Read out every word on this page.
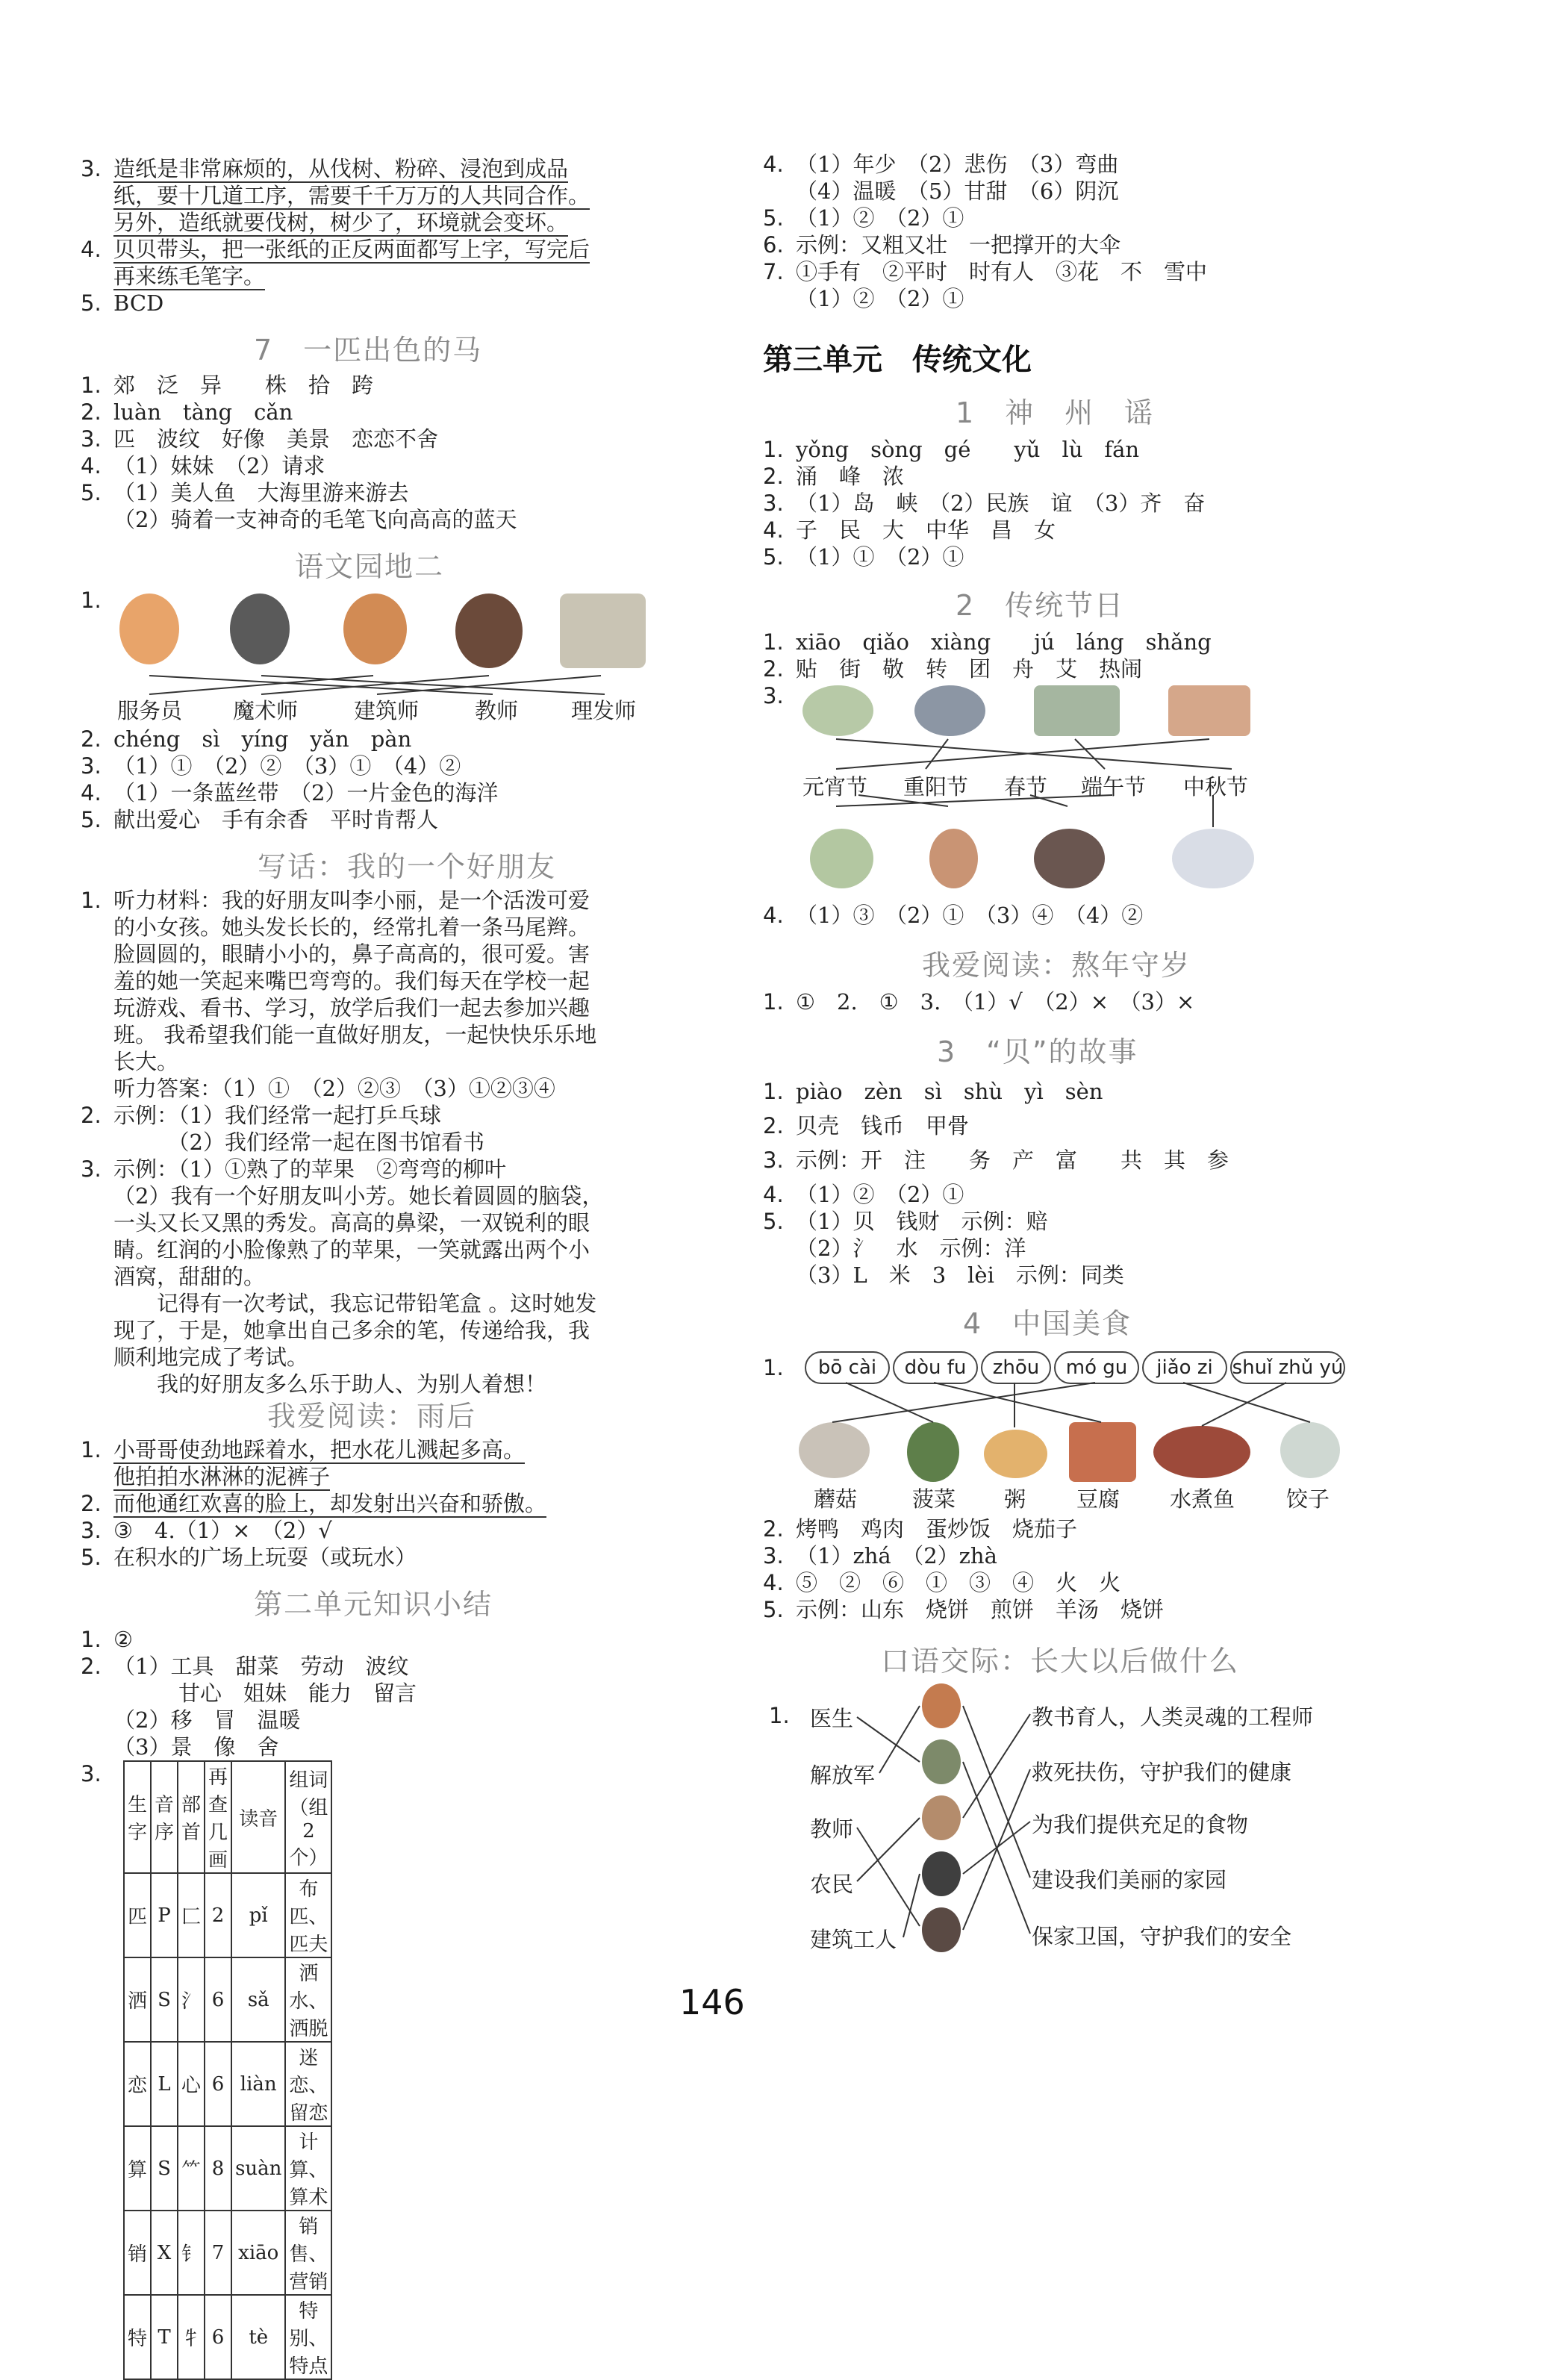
3. 造纸是非常麻烦的，从伐树、粉碎、浸泡到成品
纸，要十几道工序，需要千千万万的人共同合作。
另外，造纸就要伐树，树少了，环境就会变坏。
4. 贝贝带头，把一张纸的正反两面都写上字，写完后
再来练毛笔字。
5. BCD
7　一匹出色的马
1. 郊　泛　异　　株　拾　跨
2. luàn　tàng　cǎn
3. 匹　波纹　好像　美景　恋恋不舍
4. （1）妹妹　（2）请求
5. （1）美人鱼　大海里游来游去
（2）骑着一支神奇的毛笔飞向高高的蓝天
语文园地二
1.
服务员 魔术师	建筑师	教师 理发师
2. chéng　sì　yíng　yǎn　pàn
3. （1）①　（2）②　（3）①　（4）②
4. （1）一条蓝丝带　（2）一片金色的海洋
5. 献出爱心　手有余香　平时肯帮人
写话：我的一个好朋友
1. 听力材料：我的好朋友叫李小丽，是一个活泼可爱
的小女孩。她头发长长的，经常扎着一条马尾辫。
脸圆圆的，眼睛小小的，鼻子高高的，很可爱。害
羞的她一笑起来嘴巴弯弯的。我们每天在学校一起
玩游戏、看书、学习，放学后我们一起去参加兴趣
班。 我希望我们能一直做好朋友，一起快快乐乐地
长大。
听力答案：（1）①　（2）②③　（3）①②③④
2. 示例：（1）我们经常一起打乒乓球
　　　（2）我们经常一起在图书馆看书
3. 示例：（1）①熟了的苹果　②弯弯的柳叶
（2）我有一个好朋友叫小芳。她长着圆圆的脑袋，
一头又长又黑的秀发。高高的鼻梁，一双锐利的眼
睛。红润的小脸像熟了的苹果，一笑就露出两个小
酒窝，甜甜的。
　　记得有一次考试，我忘记带铅笔盒 。这时她发
现了，于是，她拿出自己多余的笔，传递给我，我
顺利地完成了考试。
　　我的好朋友多么乐于助人、为别人着想！
我爱阅读：雨后
1. 小哥哥使劲地踩着水，把水花儿溅起多高。
他拍拍水淋淋的泥裤子
2. 而他通红欢喜的脸上，却发射出兴奋和骄傲。
3. ③　4.（1）×　（2）√
5. 在积水的广场上玩耍（或玩水）
第二单元知识小结
1. ②
2. （1）工具　甜菜　劳动　波纹
　　　甘心　姐妹　能力　留言
（2）移　冒　温暖
（3）景　像　舍
3.
生字	音序	部首	再查几画	读音	组词（组2个）
匹	P	匚	2	pǐ	布匹、匹夫
洒	S	氵	6	sǎ	洒水、洒脱
恋	L	心	6	liàn	迷恋、留恋
算	S	⺮	8	suàn	计算、算术
销	X	钅	7	xiāo	销售、营销
特	T	牜	6	tè	特别、特点
4. （1）年少　（2）悲伤　（3）弯曲
（4）温暖　（5）甘甜　（6）阴沉
5. （1）②　（2）①
6. 示例：又粗又壮　一把撑开的大伞
7. ①手有　②平时　时有人　③花　不　雪中
（1）②　（2）①
第三单元　传统文化
1　神　州　谣
1. yǒng　sòng　gé　　yǔ　lù　fán
2. 涌　峰　浓
3. （1）岛　峡　（2）民族　谊　（3）齐　奋
4. 子　民　大　中华　昌　女
5. （1）①　（2）①
2　传统节日
1. xiāo　qiǎo　xiàng　　jú　láng　shǎng
2. 贴　街　敬　转　团　舟　艾　热闹
3.
元宵节 重阳节 春节 端午节 中秋节
4. （1）③　（2）①　（3）④　（4）②
我爱阅读：熬年守岁
1. ①　2.　①　3.　（1）√　（2）×　（3）×
3　“贝”的故事
1. piào　zèn　sì　shù　yì　sèn
2. 贝壳　钱币　甲骨
3. 示例：开　注　　务　产　富　　共　其　参
4. （1）②　（2）①
5. （1）贝　钱财　示例：赔
（2）氵　水　示例：洋
（3）L　米　3　lèi　示例：同类
4　中国美食
1.	bō cài	dòu fu	zhōu	mó gu	jiǎo zi shuǐ zhǔ yú
蘑菇	菠菜 粥 豆腐 水煮鱼 饺子
2. 烤鸭　鸡肉　蛋炒饭　烧茄子
3. （1）zhá　（2）zhà
4. ⑤　②　⑥　①　③　④　火　火
5. 示例：山东　烧饼　煎饼　羊汤　烧饼
口语交际：长大以后做什么
1. 医生
解放军
教师
农民
建筑工人
教书育人，人类灵魂的工程师
救死扶伤，守护我们的健康
为我们提供充足的食物
建设我们美丽的家园
保家卫国，守护我们的安全
146
